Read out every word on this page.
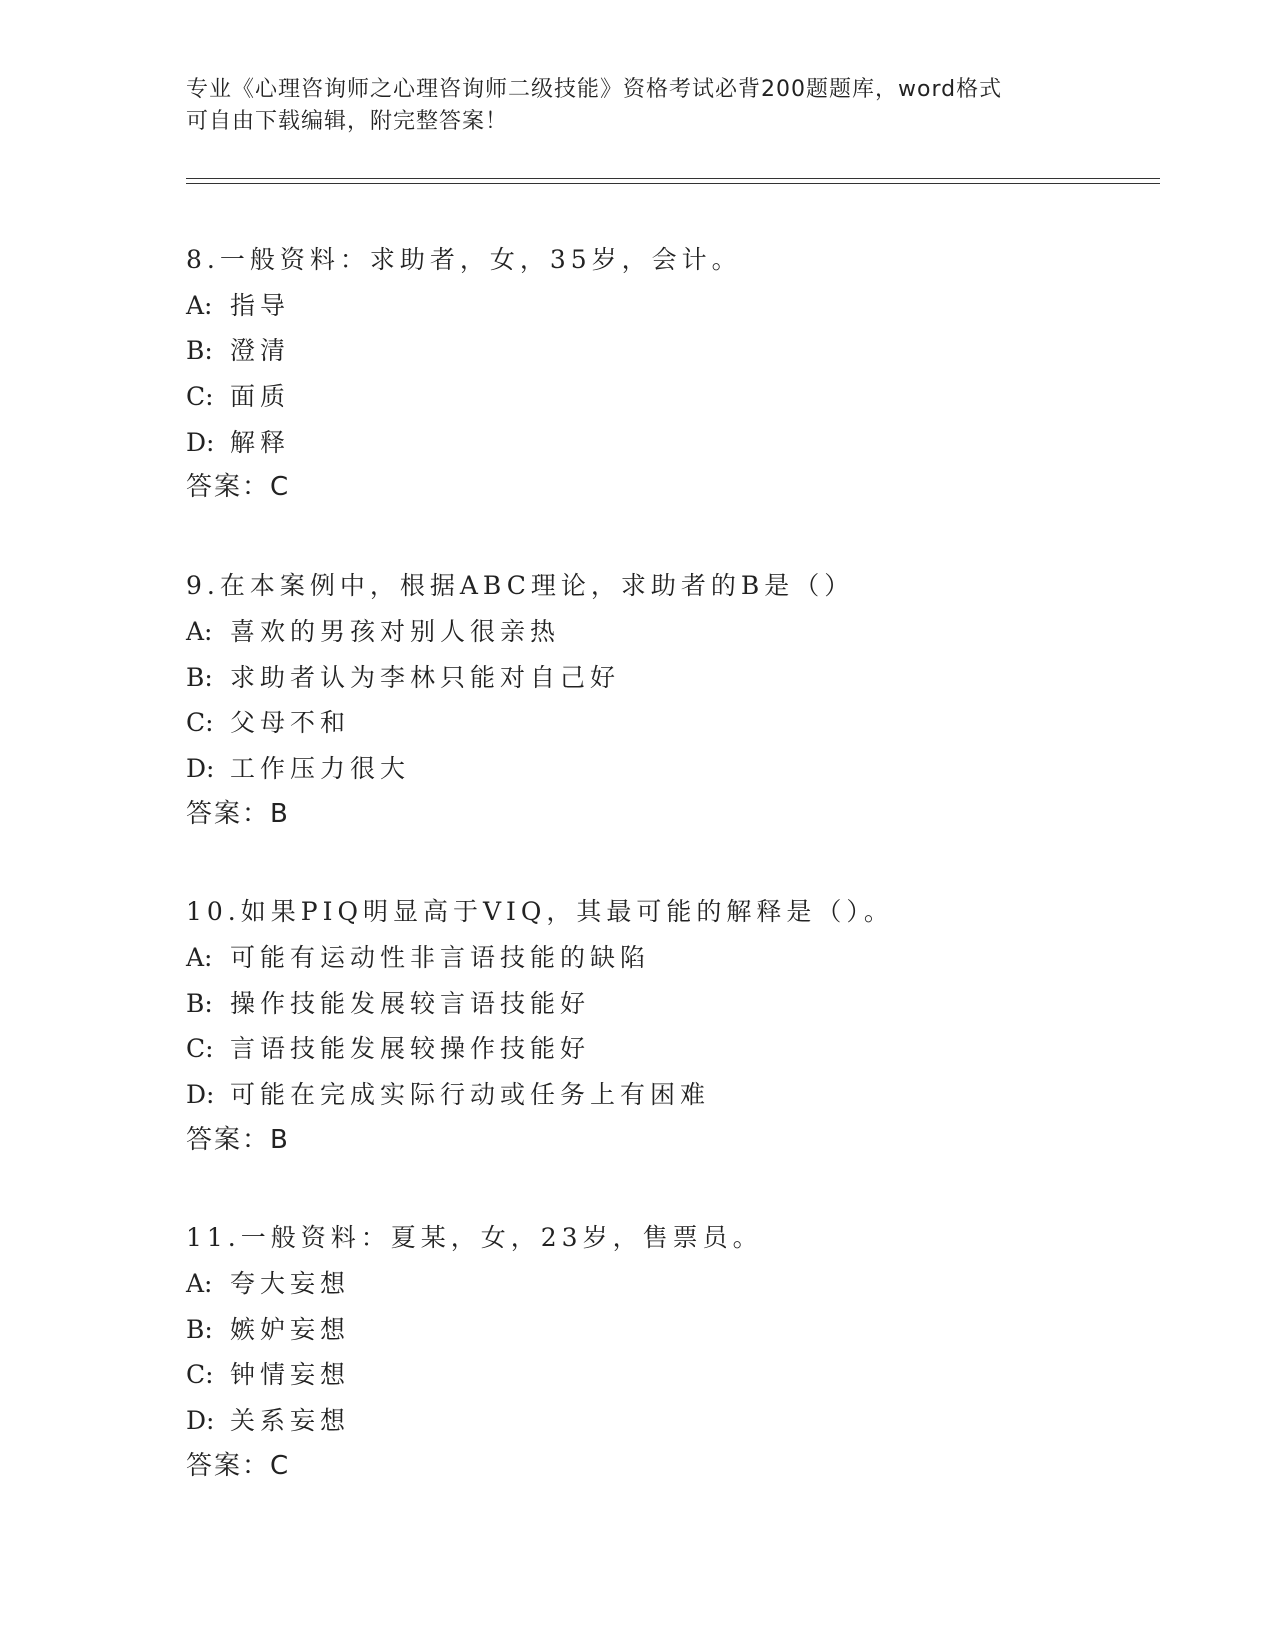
专业《心理咨询师之心理咨询师二级技能》资格考试必背200题题库，word格式
可自由下载编辑，附完整答案！
8.一般资料：求助者，女，35岁，会计。
A: 指导
B: 澄清
C: 面质
D: 解释
答案：C
9.在本案例中，根据ABC理论，求助者的B是（）
A: 喜欢的男孩对别人很亲热
B: 求助者认为李林只能对自己好
C: 父母不和
D: 工作压力很大
答案：B
10.如果PIQ明显高于VIQ，其最可能的解释是（）。
A: 可能有运动性非言语技能的缺陷
B: 操作技能发展较言语技能好
C: 言语技能发展较操作技能好
D: 可能在完成实际行动或任务上有困难
答案：B
11.一般资料：夏某，女，23岁，售票员。
A: 夸大妄想
B: 嫉妒妄想
C: 钟情妄想
D: 关系妄想
答案：C
